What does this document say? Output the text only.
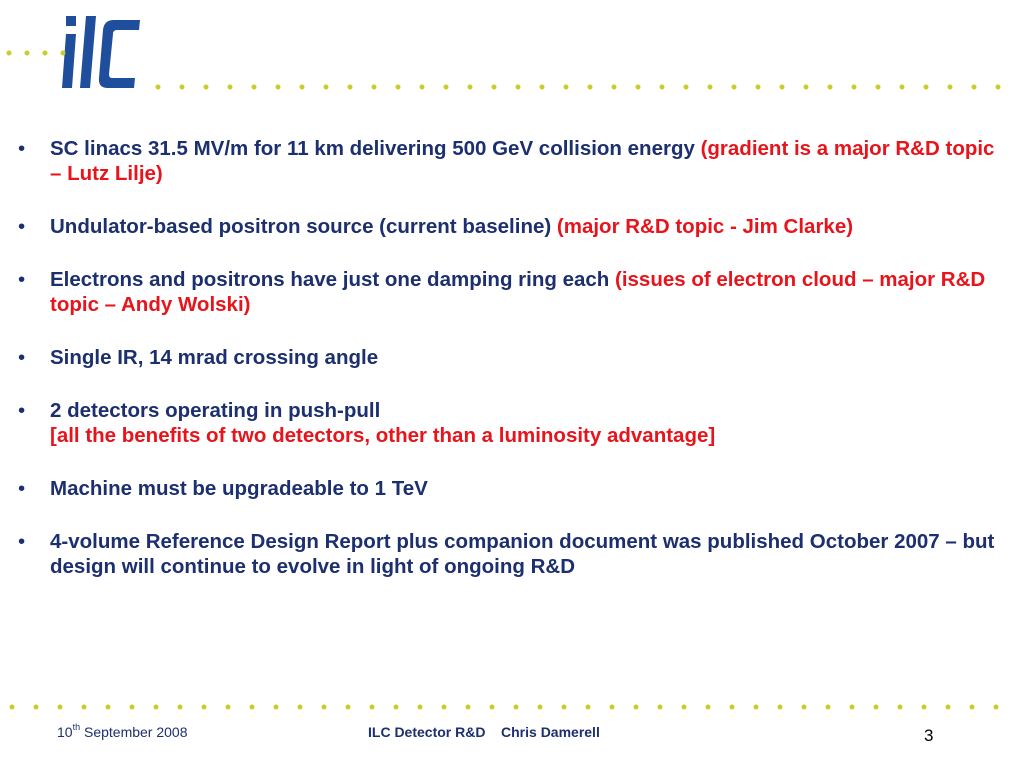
•	SC linacs 31.5 MV/m for 11 km delivering 500 GeV collision energy (gradient is a major R&D topic – Lutz Lilje)
•	Undulator-based positron source (current baseline) (major R&D topic - Jim Clarke)
•	Electrons and positrons have just one damping ring each (issues of electron cloud – major R&D topic – Andy Wolski)
•	Single IR, 14 mrad crossing angle
•	2 detectors operating in push-pull
[all the benefits of two detectors, other than a luminosity advantage]
•	Machine must be upgradeable to 1 TeV
•	4-volume Reference Design Report plus companion document was published October 2007 – but design will continue to evolve in light of ongoing R&D
10th September 2008	ILC Detector R&D    Chris Damerell	3
